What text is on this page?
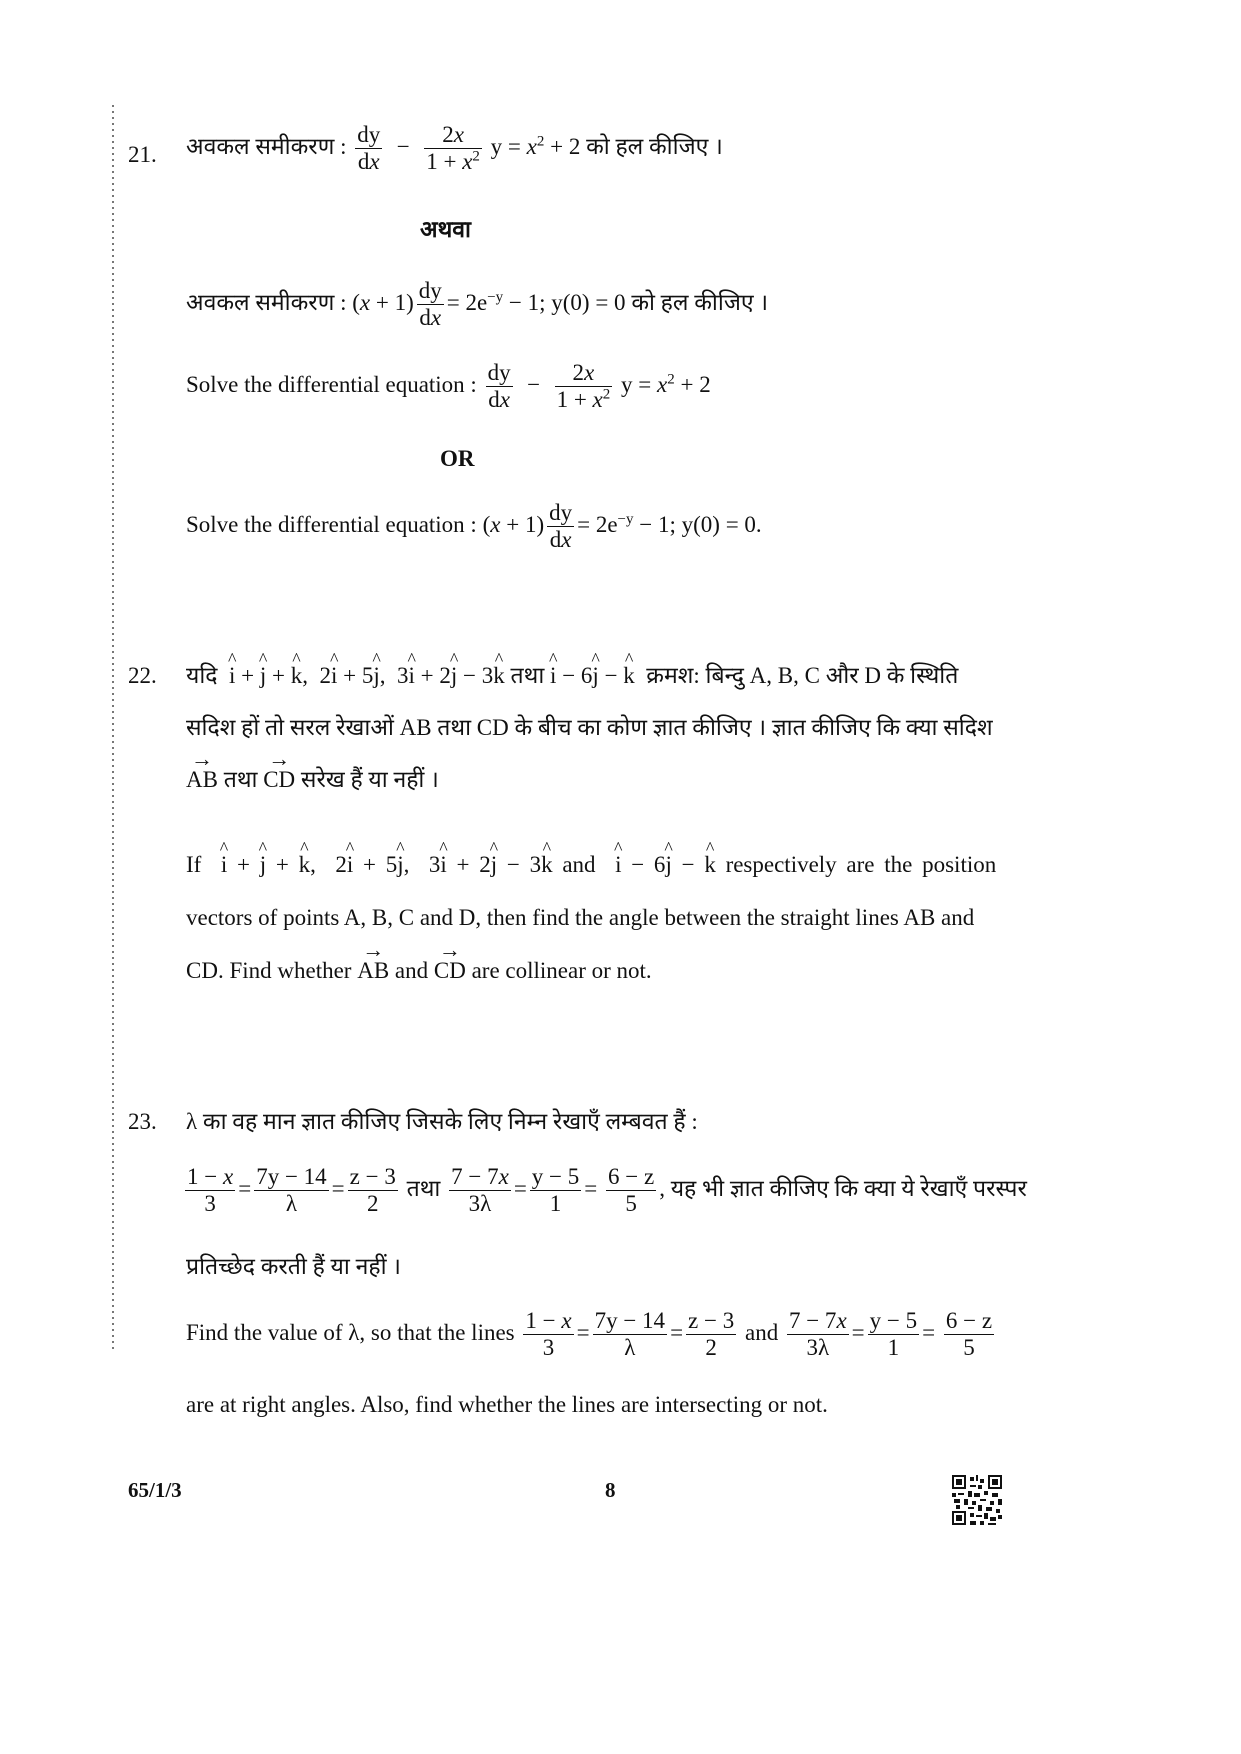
21. अवकल समीकरण : $\frac{dy}{dx} - \frac{2x}{1 + x^2}$ $y = x^2 + 2$ को हल कीजिए ।
अथवा
अवकल समीकरण : $(x + 1) \frac{dy}{dx} = 2e^{-y} - 1$; y(0) = 0 को हल कीजिए ।
Solve the differential equation : $\frac{dy}{dx} - \frac{2x}{1 + x^2}$ $y = x^2 + 2$
OR
Solve the differential equation : $(x + 1) \frac{dy}{dx} = 2e^{-y} - 1$; y(0) = 0.
22. यदि ^ i + ^ j + ^ k,  2^ i + 5^ j,  3^ i + 2^ j − 3^ k तथा ^ i − 6^ j − ^ k क्रमश: बिन्दु A, B, C और D के स्थिति
सदिश हों तो सरल रेखाओं AB तथा CD के बीच का कोण ज्ञात कीजिए । ज्ञात कीजिए कि क्या सदिश
→ AB तथा → CD सरेख हैं या नहीं ।
If ^ i + ^ j + ^ k,  2^ i + 5^ j,  3^ i + 2^ j − 3^ k and ^ i − 6^ j − ^ k respectively are the position
vectors of points A, B, C and D, then find the angle between the straight lines AB and
CD. Find whether → AB and → CD are collinear or not.
23. λ का वह मान ज्ञात कीजिए जिसके लिए निम्न रेखाएँ लम्बवत हैं :
$\frac{1 - x}{3} = \frac{7y - 14}{\lambda} = \frac{z - 3}{2}$ तथा $\frac{7 - 7x}{3\lambda} = \frac{y - 5}{1} = \frac{6 - z}{5}$ , यह भी ज्ञात कीजिए कि क्या ये रेखाएँ परस्पर
प्रतिच्छेद करती हैं या नहीं ।
Find the value of λ, so that the lines $\frac{1 - x}{3} = \frac{7y - 14}{\lambda} = \frac{z - 3}{2}$ and $\frac{7 - 7x}{3\lambda} = \frac{y - 5}{1} = \frac{6 - z}{5}$
are at right angles. Also, find whether the lines are intersecting or not.
65/1/3	8
